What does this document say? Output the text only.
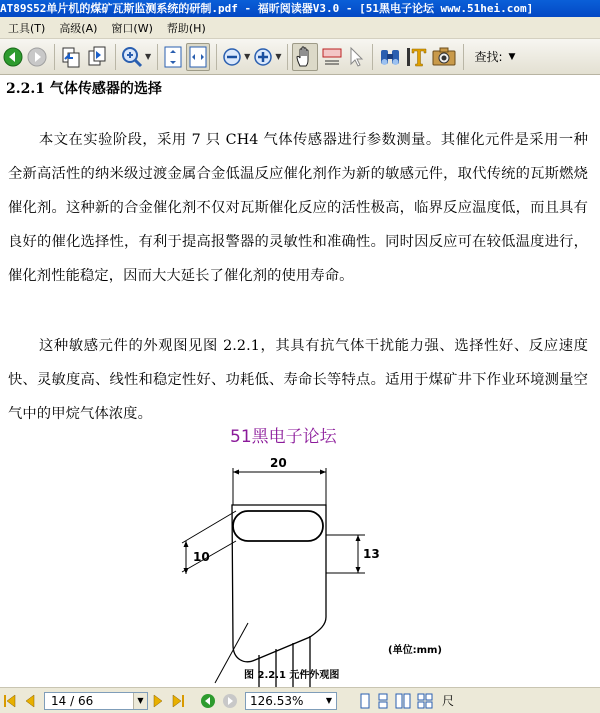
AT89S52单片机的煤矿瓦斯监测系统的研制.pdf - 福昕阅读器V3.0 - [51黑电子论坛 www.51hei.com]
工具(T) 高级(A) 窗口(W) 帮助(H)
▼	▼	▼	查找: ▼
2.2.1 气体传感器的选择

本文在实验阶段，采用 7 只 CH4 气体传感器进行参数测量。其催化元件是采用一种全新高活性的纳米级过渡金属合金低温反应催化剂作为新的敏感元件，取代传统的瓦斯燃烧催化剂。这种新的合金催化剂不仅对瓦斯催化反应的活性极高，临界反应温度低，而且具有良好的催化选择性，有利于提高报警器的灵敏性和准确性。同时因反应可在较低温度进行，催化剂性能稳定，因而大大延长了催化剂的使用寿命。

这种敏感元件的外观图见图 2.2.1，其具有抗气体干扰能力强、选择性好、反应速度快、灵敏度高、线性和稳定性好、功耗低、寿命长等特点。适用于煤矿井下作业环境测量空气中的甲烷气体浓度。

51黑电子论坛
20
10	13
(单位:mm)
图 2.2.1 元件外观图
14 / 66	▼	126.53%	▼	尺
